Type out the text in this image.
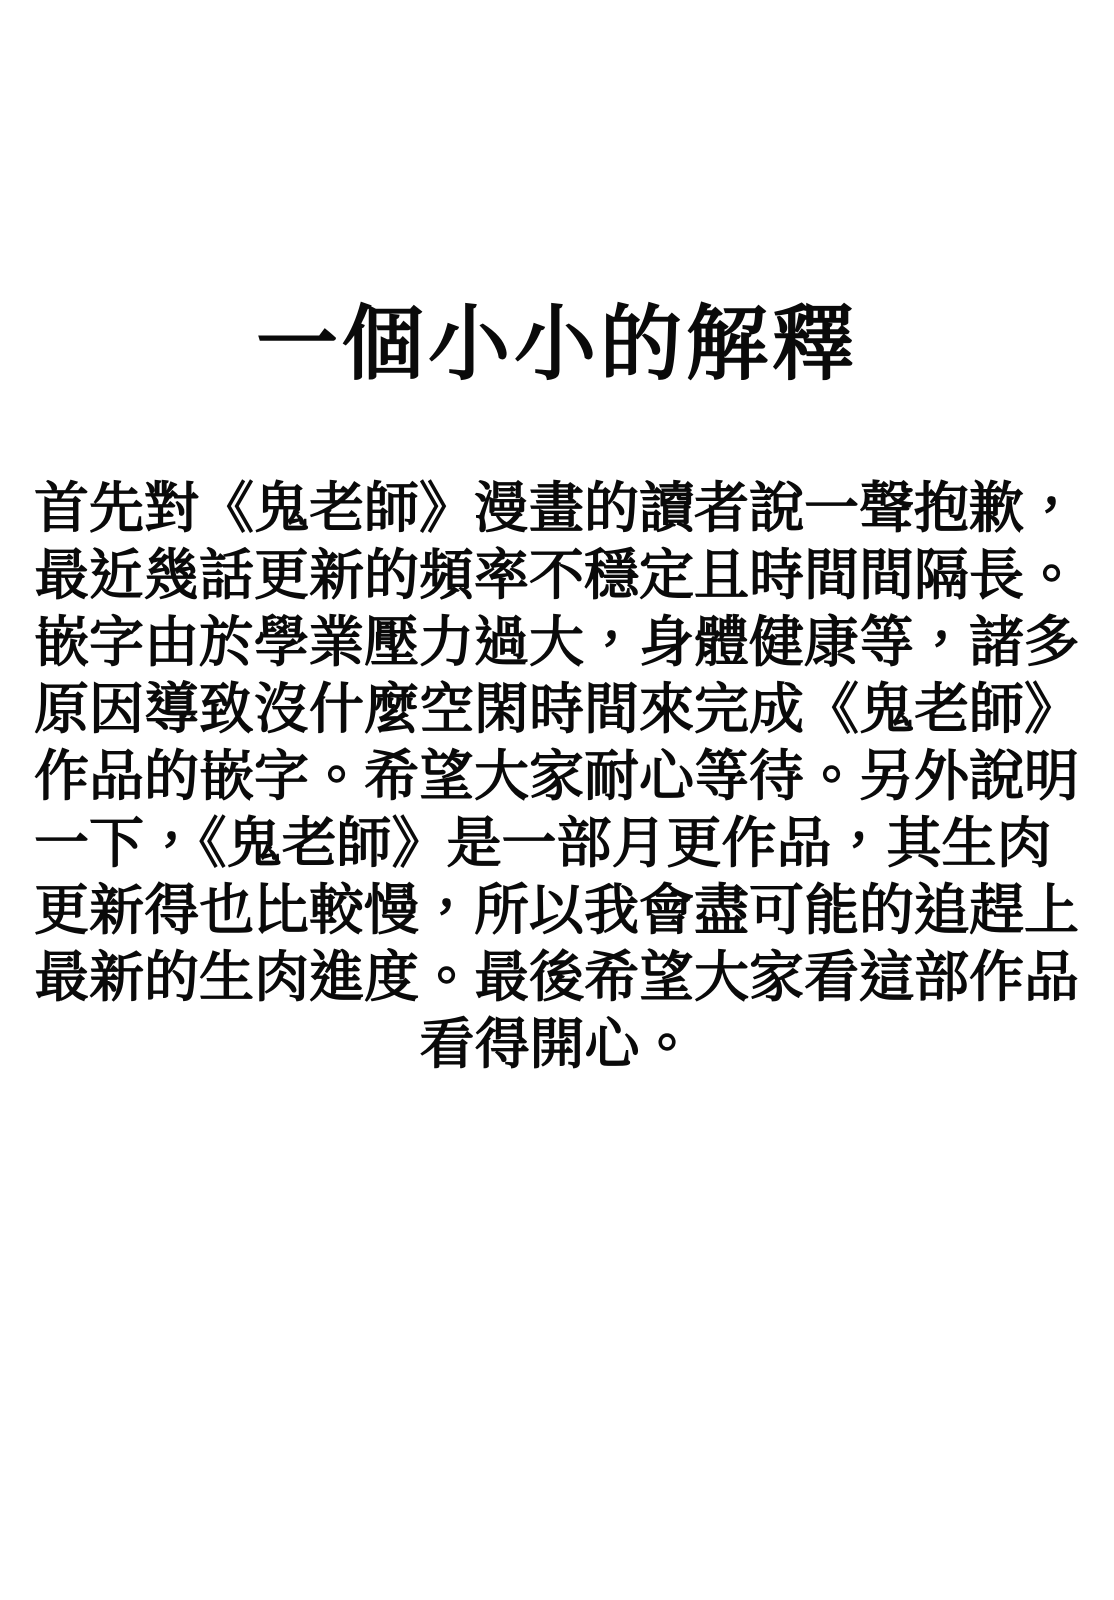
一個小小的解釋
首先對《鬼老師》漫畫的讀者說一聲抱歉，
最近幾話更新的頻率不穩定且時間間隔長。
嵌字由於學業壓力過大，身體健康等，諸多
原因導致沒什麼空閑時間來完成《鬼老師》
作品的嵌字。希望大家耐心等待。另外說明
一下，《鬼老師》是一部月更作品，其生肉
更新得也比較慢，所以我會盡可能的追趕上
最新的生肉進度。最後希望大家看這部作品
看得開心。
